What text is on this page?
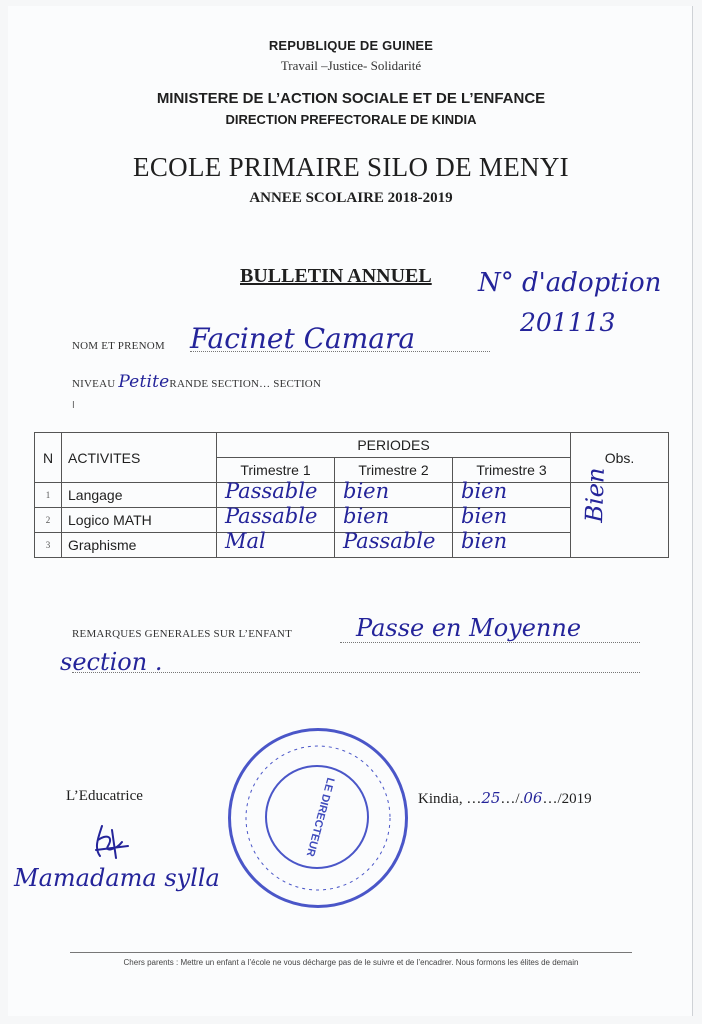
REPUBLIQUE DE GUINEE
Travail –Justice- Solidarité
MINISTERE DE L’ACTION SOCIALE ET DE L’ENFANCE
DIRECTION PREFECTORALE DE KINDIA
ECOLE PRIMAIRE SILO DE MENYI
ANNEE SCOLAIRE 2018-2019
BULLETIN ANNUEL N° d'adoption
201113
NOM ET PRENOM Facinet Camara
NIVEAU PetiteRANDE SECTION… SECTION
I
N	ACTIVITES	PERIODES			Obs.
		Trimestre 1	Trimestre 2	Trimestre 3	
1	Langage	Passable	bien	bien	

2	Logico MATH	Passable	bien	bien	

3	Graphisme	Mal	Passable	bien	
Bien
REMARQUES GENERALES SUR L’ENFANT	Passe en Moyenne
section .
LE DIRECTEUR
L’Educatrice	Kindia, …25…/.06…/2019
Mamadama sylla
Chers parents : Mettre un enfant a l’école ne vous décharge pas de le suivre et de l’encadrer. Nous formons les élites de demain
